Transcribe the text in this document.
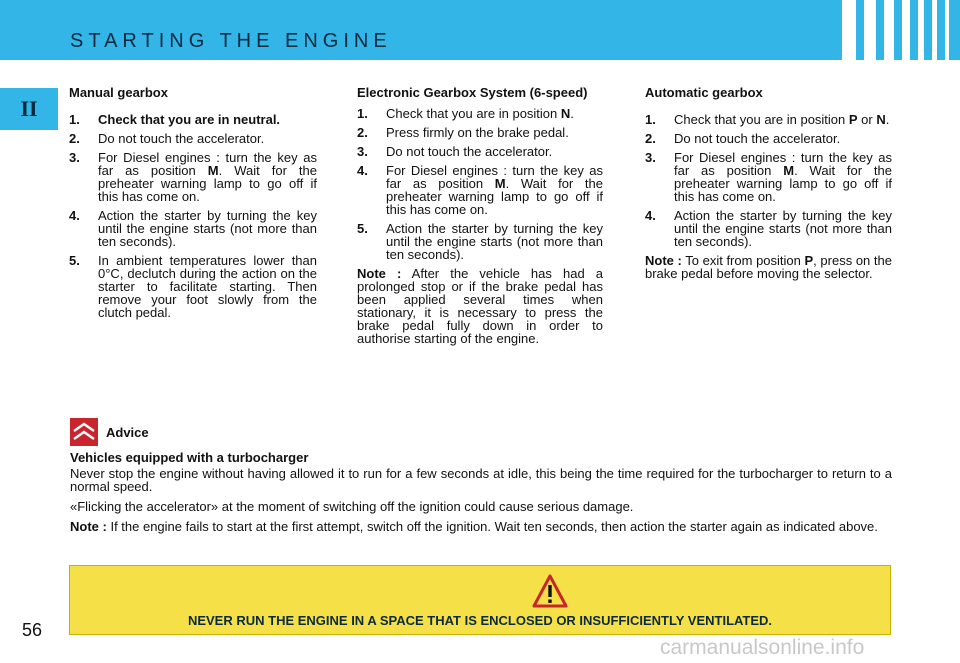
STARTING THE ENGINE
II
Manual gearbox
1. Check that you are in neutral.
2. Do not touch the accelerator.
3. For Diesel engines : turn the key as far as position M. Wait for the preheater warning lamp to go off if this has come on.
4. Action the starter by turning the key until the engine starts (not more than ten seconds).
5. In ambient temperatures lower than 0°C, declutch during the action on the starter to facilitate starting. Then remove your foot slowly from the clutch pedal.
Electronic Gearbox System (6-speed)
1. Check that you are in position N.
2. Press firmly on the brake pedal.
3. Do not touch the accelerator.
4. For Diesel engines : turn the key as far as position M. Wait for the preheater warning lamp to go off if this has come on.
5. Action the starter by turning the key until the engine starts (not more than ten seconds).

Note : After the vehicle has had a prolonged stop or if the brake pedal has been applied several times when stationary, it is necessary to press the brake pedal fully down in order to authorise starting of the engine.

Automatic gearbox
1. Check that you are in position P or N.
2. Do not touch the accelerator.
3. For Diesel engines : turn the key as far as position M. Wait for the preheater warning lamp to go off if this has come on.
4. Action the starter by turning the key until the engine starts (not more than ten seconds).

Note : To exit from position P, press on the brake pedal before moving the selector.

Advice

Vehicles equipped with a turbocharger

Never stop the engine without having allowed it to run for a few seconds at idle, this being the time required for the turbocharger to return to a normal speed.

«Flicking the accelerator» at the moment of switching off the ignition could cause serious damage.

Note : If the engine fails to start at the first attempt, switch off the ignition. Wait ten seconds, then action the starter again as indicated above.

NEVER RUN THE ENGINE IN A SPACE THAT IS ENCLOSED OR INSUFFICIENTLY VENTILATED.
56
carmanualsonline.info
